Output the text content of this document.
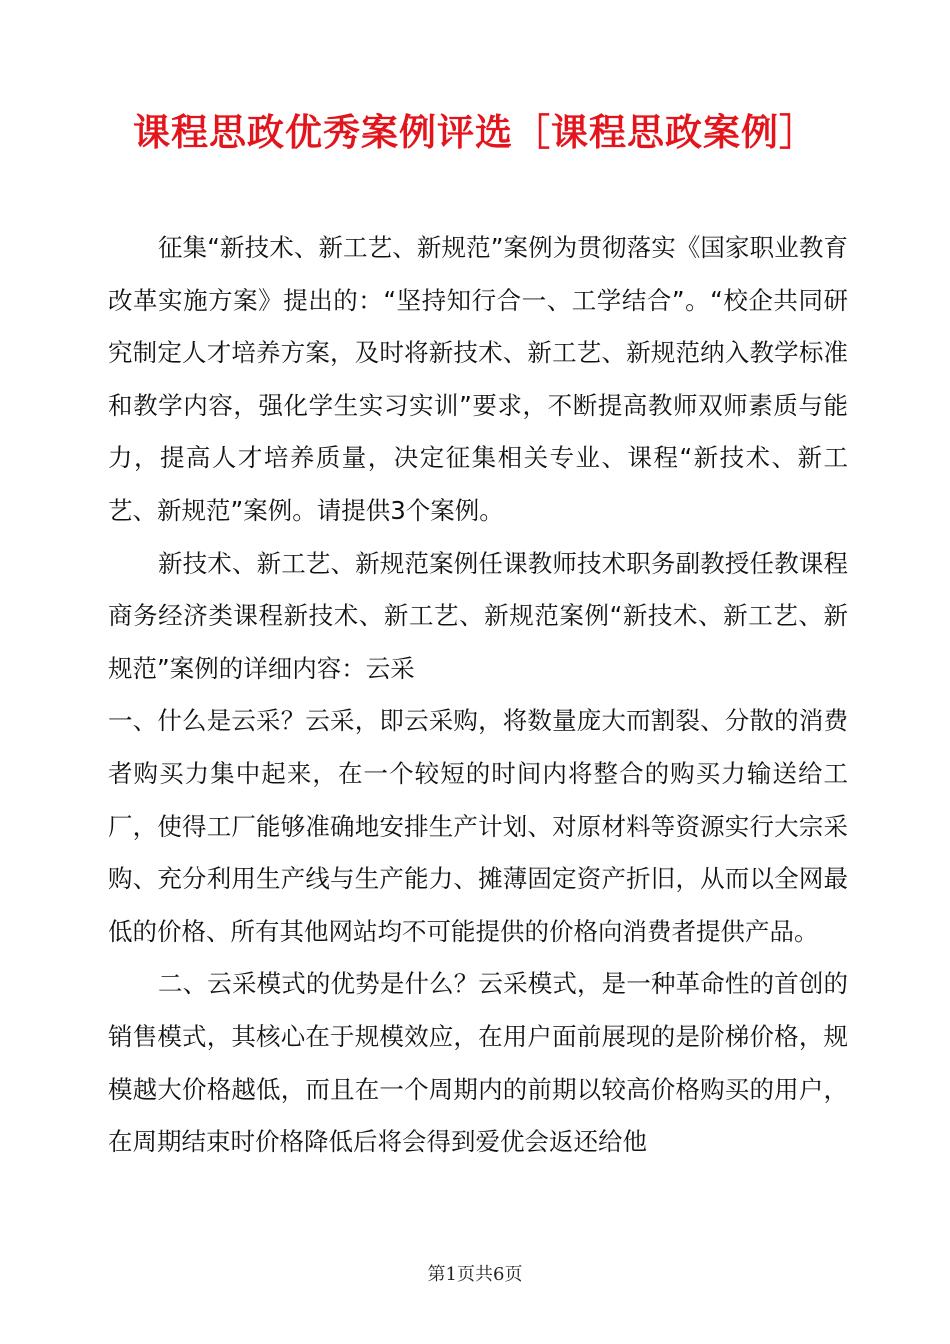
课程思政优秀案例评选［课程思政案例］

征集“新技术、新工艺、新规范”案例为贯彻落实《国家职业教育改革实施方案》提出的：“坚持知行合一、工学结合”。“校企共同研究制定人才培养方案，及时将新技术、新工艺、新规范纳入教学标准和教学内容，强化学生实习实训”要求，不断提高教师双师素质与能力，提高人才培养质量，决定征集相关专业、课程“新技术、新工艺、新规范”案例。请提供3个案例。

新技术、新工艺、新规范案例任课教师技术职务副教授任教课程商务经济类课程新技术、新工艺、新规范案例“新技术、新工艺、新规范”案例的详细内容：云采

一、什么是云采？云采，即云采购，将数量庞大而割裂、分散的消费者购买力集中起来，在一个较短的时间内将整合的购买力输送给工厂，使得工厂能够准确地安排生产计划、对原材料等资源实行大宗采购、充分利用生产线与生产能力、摊薄固定资产折旧，从而以全网最低的价格、所有其他网站均不可能提供的价格向消费者提供产品。

二、云采模式的优势是什么？云采模式，是一种革命性的首创的销售模式，其核心在于规模效应，在用户面前展现的是阶梯价格，规模越大价格越低，而且在一个周期内的前期以较高价格购买的用户，在周期结束时价格降低后将会得到爱优会返还给他

第1页共6页
